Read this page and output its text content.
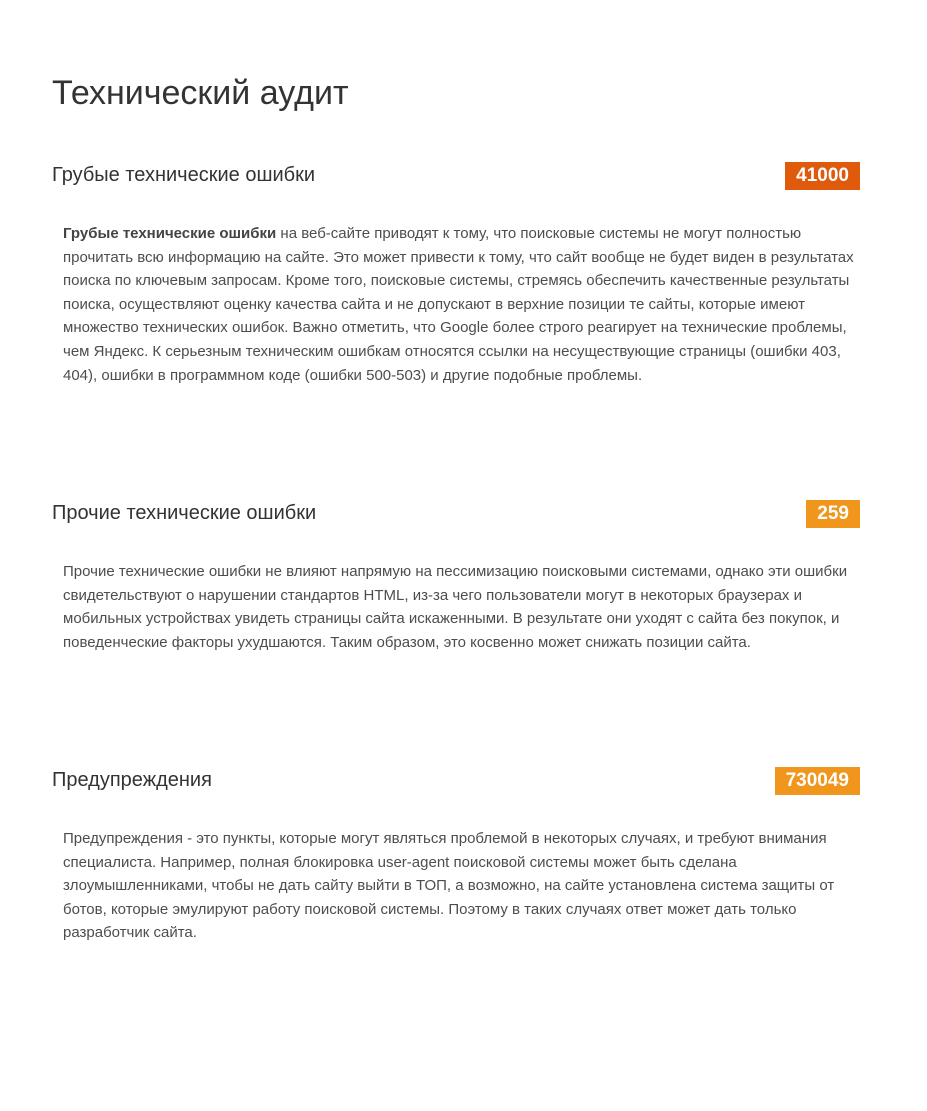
Технический аудит
Грубые технические ошибки	41000

Грубые технические ошибки на веб-сайте приводят к тому, что поисковые системы не могут полностью прочитать всю информацию на сайте. Это может привести к тому, что сайт вообще не будет виден в результатах поиска по ключевым запросам. Кроме того, поисковые системы, стремясь обеспечить качественные результаты поиска, осуществляют оценку качества сайта и не допускают в верхние позиции те сайты, которые имеют множество технических ошибок. Важно отметить, что Google более строго реагирует на технические проблемы, чем Яндекс. К серьезным техническим ошибкам относятся ссылки на несуществующие страницы (ошибки 403, 404), ошибки в программном коде (ошибки 500-503) и другие подобные проблемы.

Прочие технические ошибки	259

Прочие технические ошибки не влияют напрямую на пессимизацию поисковыми системами, однако эти ошибки свидетельствуют о нарушении стандартов HTML, из-за чего пользователи могут в некоторых браузерах и мобильных устройствах увидеть страницы сайта искаженными. В результате они уходят с сайта без покупок, и поведенческие факторы ухудшаются. Таким образом, это косвенно может снижать позиции сайта.

Предупреждения	730049

Предупреждения - это пункты, которые могут являться проблемой в некоторых случаях, и требуют внимания специалиста. Например, полная блокировка user-agent поисковой системы может быть сделана злоумышленниками, чтобы не дать сайту выйти в ТОП, а возможно, на сайте установлена система защиты от ботов, которые эмулируют работу поисковой системы. Поэтому в таких случаях ответ может дать только разработчик сайта.
